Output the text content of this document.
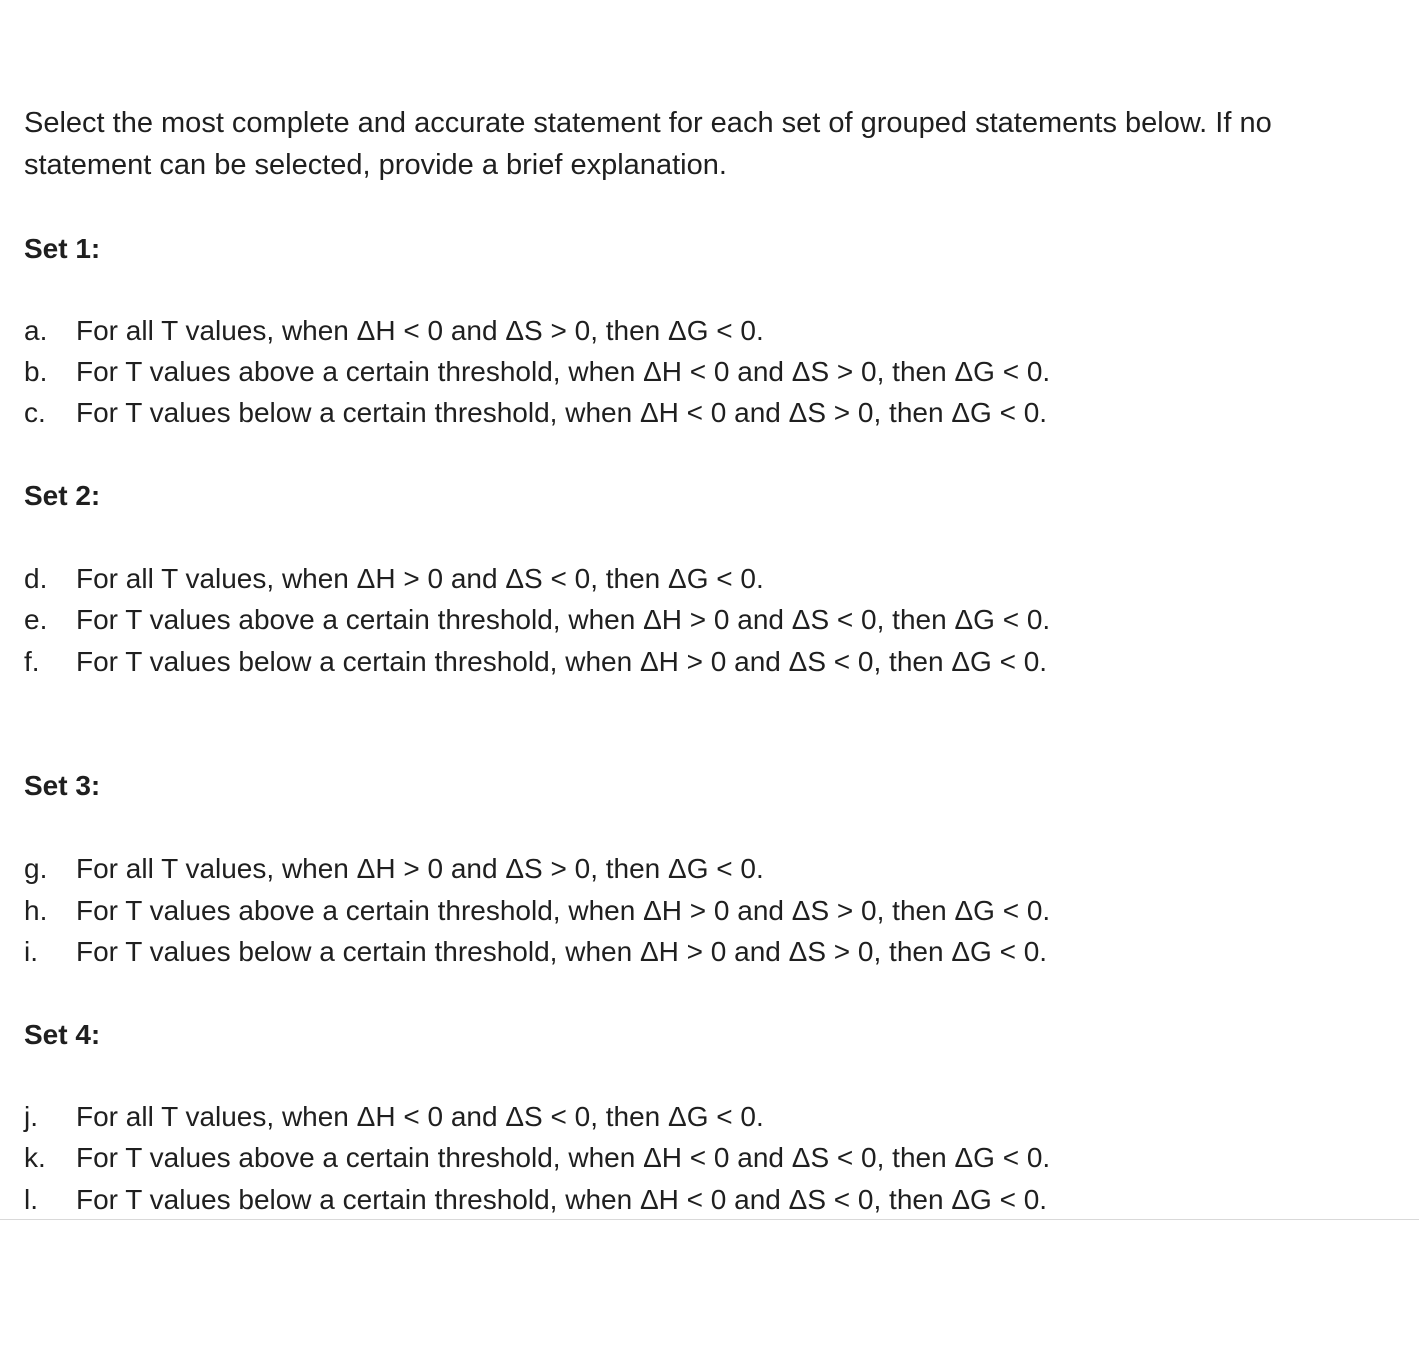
Select the most complete and accurate statement for each set of grouped statements below. If no statement can be selected, provide a brief explanation.

Set 1:
a. For all T values, when ΔH < 0 and ΔS > 0, then ΔG < 0.
b. For T values above a certain threshold, when ΔH < 0 and ΔS > 0, then ΔG < 0.
c. For T values below a certain threshold, when ΔH < 0 and ΔS > 0, then ΔG < 0.
Set 2:
d. For all T values, when ΔH > 0 and ΔS < 0, then ΔG < 0.
e. For T values above a certain threshold, when ΔH > 0 and ΔS < 0, then ΔG < 0.
f. For T values below a certain threshold, when ΔH > 0 and ΔS < 0, then ΔG < 0.
Set 3:
g. For all T values, when ΔH > 0 and ΔS > 0, then ΔG < 0.
h. For T values above a certain threshold, when ΔH > 0 and ΔS > 0, then ΔG < 0.
i. For T values below a certain threshold, when ΔH > 0 and ΔS > 0, then ΔG < 0.
Set 4:
j. For all T values, when ΔH < 0 and ΔS < 0, then ΔG < 0.
k. For T values above a certain threshold, when ΔH < 0 and ΔS < 0, then ΔG < 0.
l. For T values below a certain threshold, when ΔH < 0 and ΔS < 0, then ΔG < 0.
